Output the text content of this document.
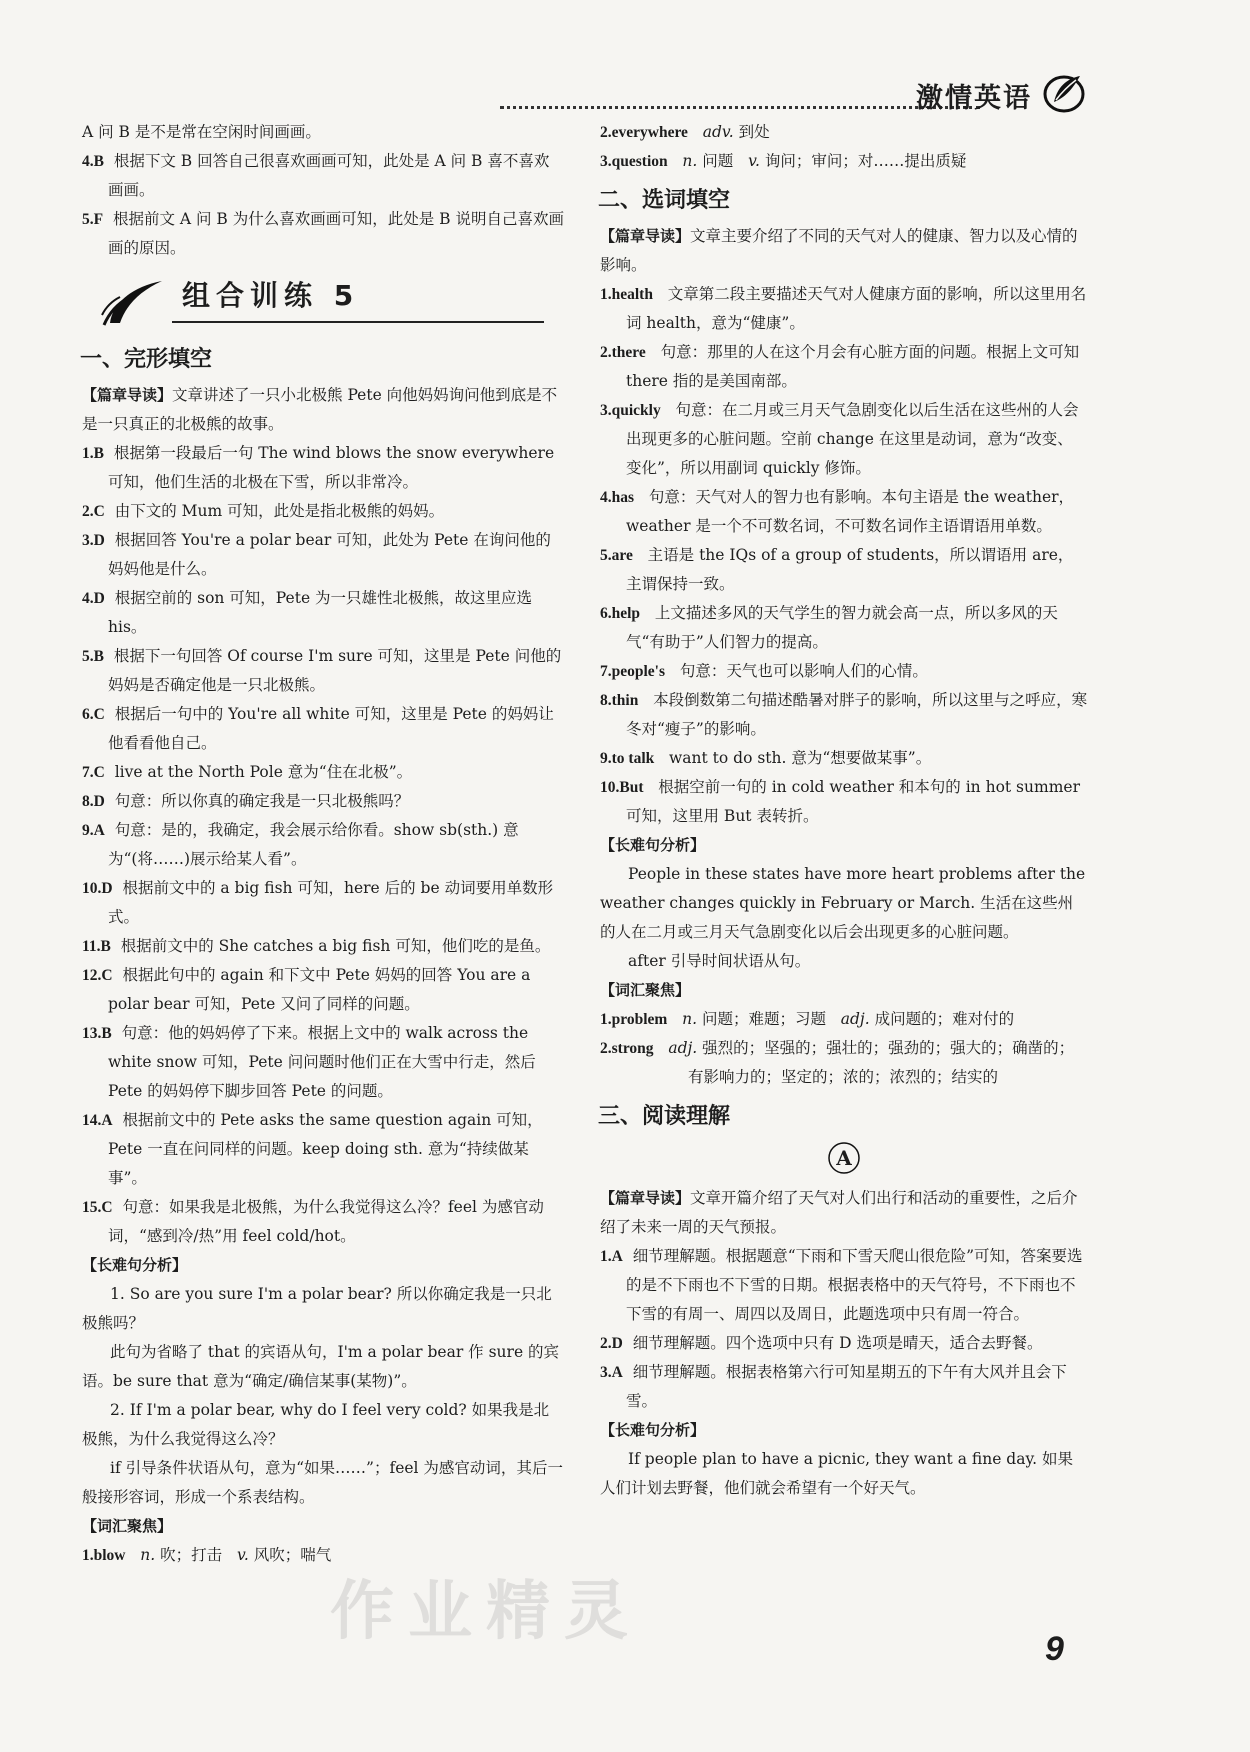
激情英语

A 问 B 是不是常在空闲时间画画。

4.B 根据下文 B 回答自己很喜欢画画可知，此处是 A 问 B 喜不喜欢画画。

5.F 根据前文 A 问 B 为什么喜欢画画可知，此处是 B 说明自己喜欢画画的原因。

组合训练 5
一、完形填空

【篇章导读】文章讲述了一只小北极熊 Pete 向他妈妈询问他到底是不是一只真正的北极熊的故事。

1.B 根据第一段最后一句 The wind blows the snow everywhere 可知，他们生活的北极在下雪，所以非常冷。

2.C 由下文的 Mum 可知，此处是指北极熊的妈妈。

3.D 根据回答 You're a polar bear 可知，此处为 Pete 在询问他的妈妈他是什么。

4.D 根据空前的 son 可知，Pete 为一只雄性北极熊，故这里应选 his。

5.B 根据下一句回答 Of course I'm sure 可知，这里是 Pete 问他的妈妈是否确定他是一只北极熊。

6.C 根据后一句中的 You're all white 可知，这里是 Pete 的妈妈让他看看他自己。

7.C live at the North Pole 意为“住在北极”。

8.D 句意：所以你真的确定我是一只北极熊吗？

9.A 句意：是的，我确定，我会展示给你看。show sb(sth.) 意为“(将……)展示给某人看”。

10.D 根据前文中的 a big fish 可知，here 后的 be 动词要用单数形式。

11.B 根据前文中的 She catches a big fish 可知，他们吃的是鱼。

12.C 根据此句中的 again 和下文中 Pete 妈妈的回答 You are a polar bear 可知，Pete 又问了同样的问题。

13.B 句意：他的妈妈停了下来。根据上文中的 walk across the white snow 可知，Pete 问问题时他们正在大雪中行走，然后 Pete 的妈妈停下脚步回答 Pete 的问题。

14.A 根据前文中的 Pete asks the same question again 可知，Pete 一直在问同样的问题。keep doing sth. 意为“持续做某事”。

15.C 句意：如果我是北极熊，为什么我觉得这么冷？feel 为感官动词，“感到冷/热”用 feel cold/hot。

【长难句分析】

1. So are you sure I'm a polar bear? 所以你确定我是一只北极熊吗？

此句为省略了 that 的宾语从句，I'm a polar bear 作 sure 的宾语。be sure that 意为“确定/确信某事(某物)”。

2. If I'm a polar bear, why do I feel very cold? 如果我是北极熊，为什么我觉得这么冷？

if 引导条件状语从句，意为“如果……”；feel 为感官动词，其后一般接形容词，形成一个系表结构。

【词汇聚焦】

1.blow n. 吹；打击 v. 风吹；喘气

2.everywhere adv. 到处

3.question n. 问题 v. 询问；审问；对……提出质疑

二、选词填空

【篇章导读】文章主要介绍了不同的天气对人的健康、智力以及心情的影响。

1.health 文章第二段主要描述天气对人健康方面的影响，所以这里用名词 health，意为“健康”。

2.there 句意：那里的人在这个月会有心脏方面的问题。根据上文可知 there 指的是美国南部。

3.quickly 句意：在二月或三月天气急剧变化以后生活在这些州的人会出现更多的心脏问题。空前 change 在这里是动词，意为“改变、变化”，所以用副词 quickly 修饰。

4.has 句意：天气对人的智力也有影响。本句主语是 the weather，weather 是一个不可数名词，不可数名词作主语谓语用单数。

5.are 主语是 the IQs of a group of students，所以谓语用 are，主谓保持一致。

6.help 上文描述多风的天气学生的智力就会高一点，所以多风的天气“有助于”人们智力的提高。

7.people's 句意：天气也可以影响人们的心情。

8.thin 本段倒数第二句描述酷暑对胖子的影响，所以这里与之呼应，寒冬对“瘦子”的影响。

9.to talk want to do sth. 意为“想要做某事”。

10.But 根据空前一句的 in cold weather 和本句的 in hot summer 可知，这里用 But 表转折。

【长难句分析】

People in these states have more heart problems after the weather changes quickly in February or March. 生活在这些州的人在二月或三月天气急剧变化以后会出现更多的心脏问题。

after 引导时间状语从句。

【词汇聚焦】

1.problem n. 问题；难题；习题 adj. 成问题的；难对付的

2.strong adj. 强烈的；坚强的；强壮的；强劲的；强大的；确凿的；有影响力的；坚定的；浓的；浓烈的；结实的

三、阅读理解
A

【篇章导读】文章开篇介绍了天气对人们出行和活动的重要性，之后介绍了未来一周的天气预报。

1.A 细节理解题。根据题意“下雨和下雪天爬山很危险”可知，答案要选的是不下雨也不下雪的日期。根据表格中的天气符号，不下雨也不下雪的有周一、周四以及周日，此题选项中只有周一符合。

2.D 细节理解题。四个选项中只有 D 选项是晴天，适合去野餐。

3.A 细节理解题。根据表格第六行可知星期五的下午有大风并且会下雪。

【长难句分析】

If people plan to have a picnic, they want a fine day. 如果人们计划去野餐，他们就会希望有一个好天气。

9
作业精灵
